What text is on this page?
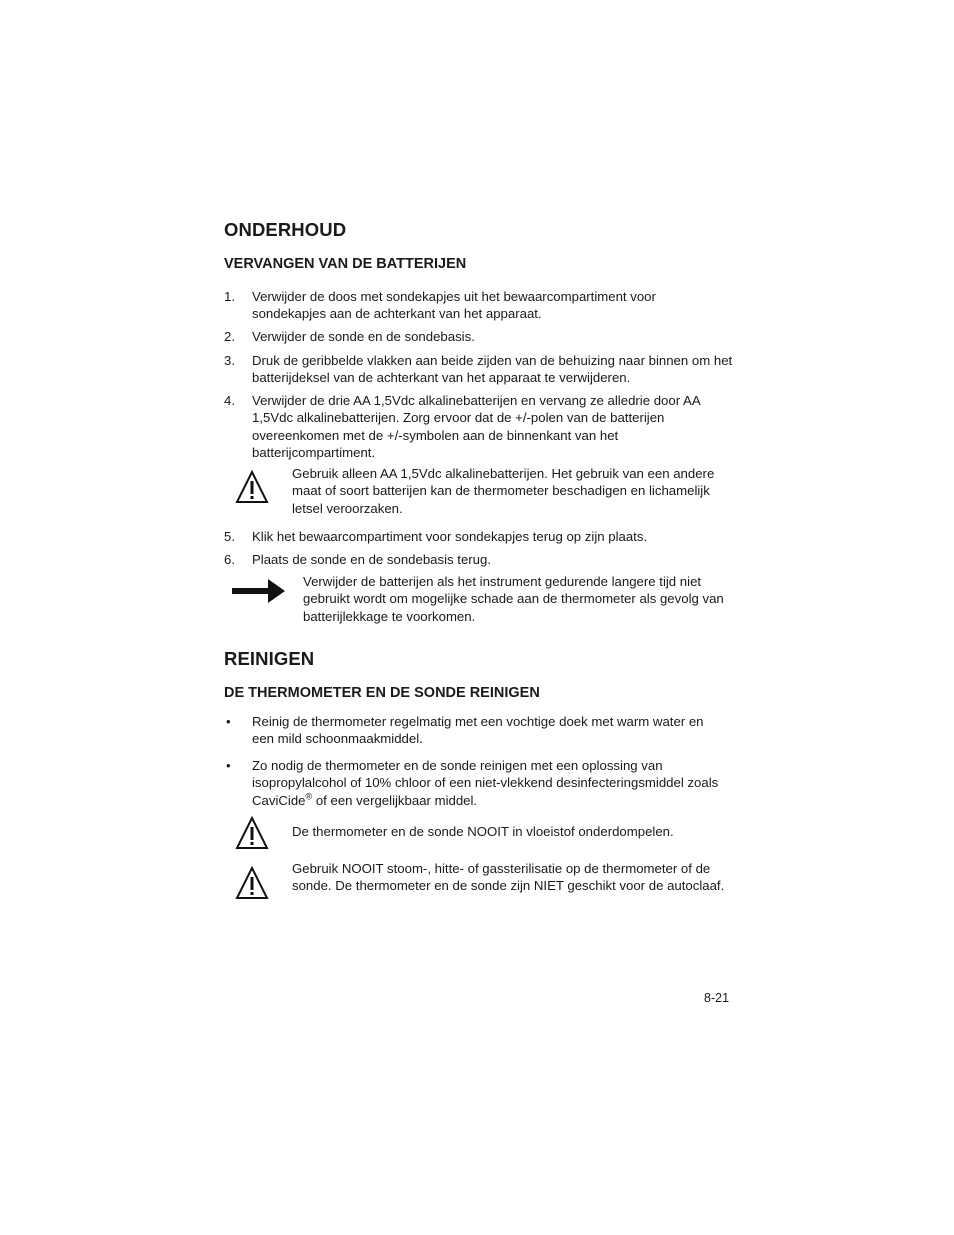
ONDERHOUD
VERVANGEN VAN DE BATTERIJEN
1. Verwijder de doos met sondekapjes uit het bewaarcompartiment voor sondekapjes aan de achterkant van het apparaat.
2. Verwijder de sonde en de sondebasis.
3. Druk de geribbelde vlakken aan beide zijden van de behuizing naar binnen om het batterijdeksel van de achterkant van het apparaat te verwijderen.
4. Verwijder de drie AA 1,5Vdc alkalinebatterijen en vervang ze alledrie door AA 1,5Vdc alkalinebatterijen. Zorg ervoor dat de +/-polen van de batterijen overeenkomen met de +/-symbolen aan de binnenkant van het batterijcompartiment.
Gebruik alleen AA 1,5Vdc alkalinebatterijen. Het gebruik van een andere maat of soort batterijen kan de thermometer beschadigen en lichamelijk letsel veroorzaken.
5. Klik het bewaarcompartiment voor sondekapjes terug op zijn plaats.
6. Plaats de sonde en de sondebasis terug.
Verwijder de batterijen als het instrument gedurende langere tijd niet gebruikt wordt om mogelijke schade aan de thermometer als gevolg van batterijlekkage te voorkomen.
REINIGEN
DE THERMOMETER EN DE SONDE REINIGEN
• Reinig de thermometer regelmatig met een vochtige doek met warm water en een mild schoonmaakmiddel.
• Zo nodig de thermometer en de sonde reinigen met een oplossing van isopropylalcohol of 10% chloor of een niet-vlekkend desinfecteringsmiddel zoals CaviCide® of een vergelijkbaar middel.
De thermometer en de sonde NOOIT in vloeistof onderdompelen.
Gebruik NOOIT stoom-, hitte- of gassterilisatie op de thermometer of de sonde. De thermometer en de sonde zijn NIET geschikt voor de autoclaaf.
8-21
